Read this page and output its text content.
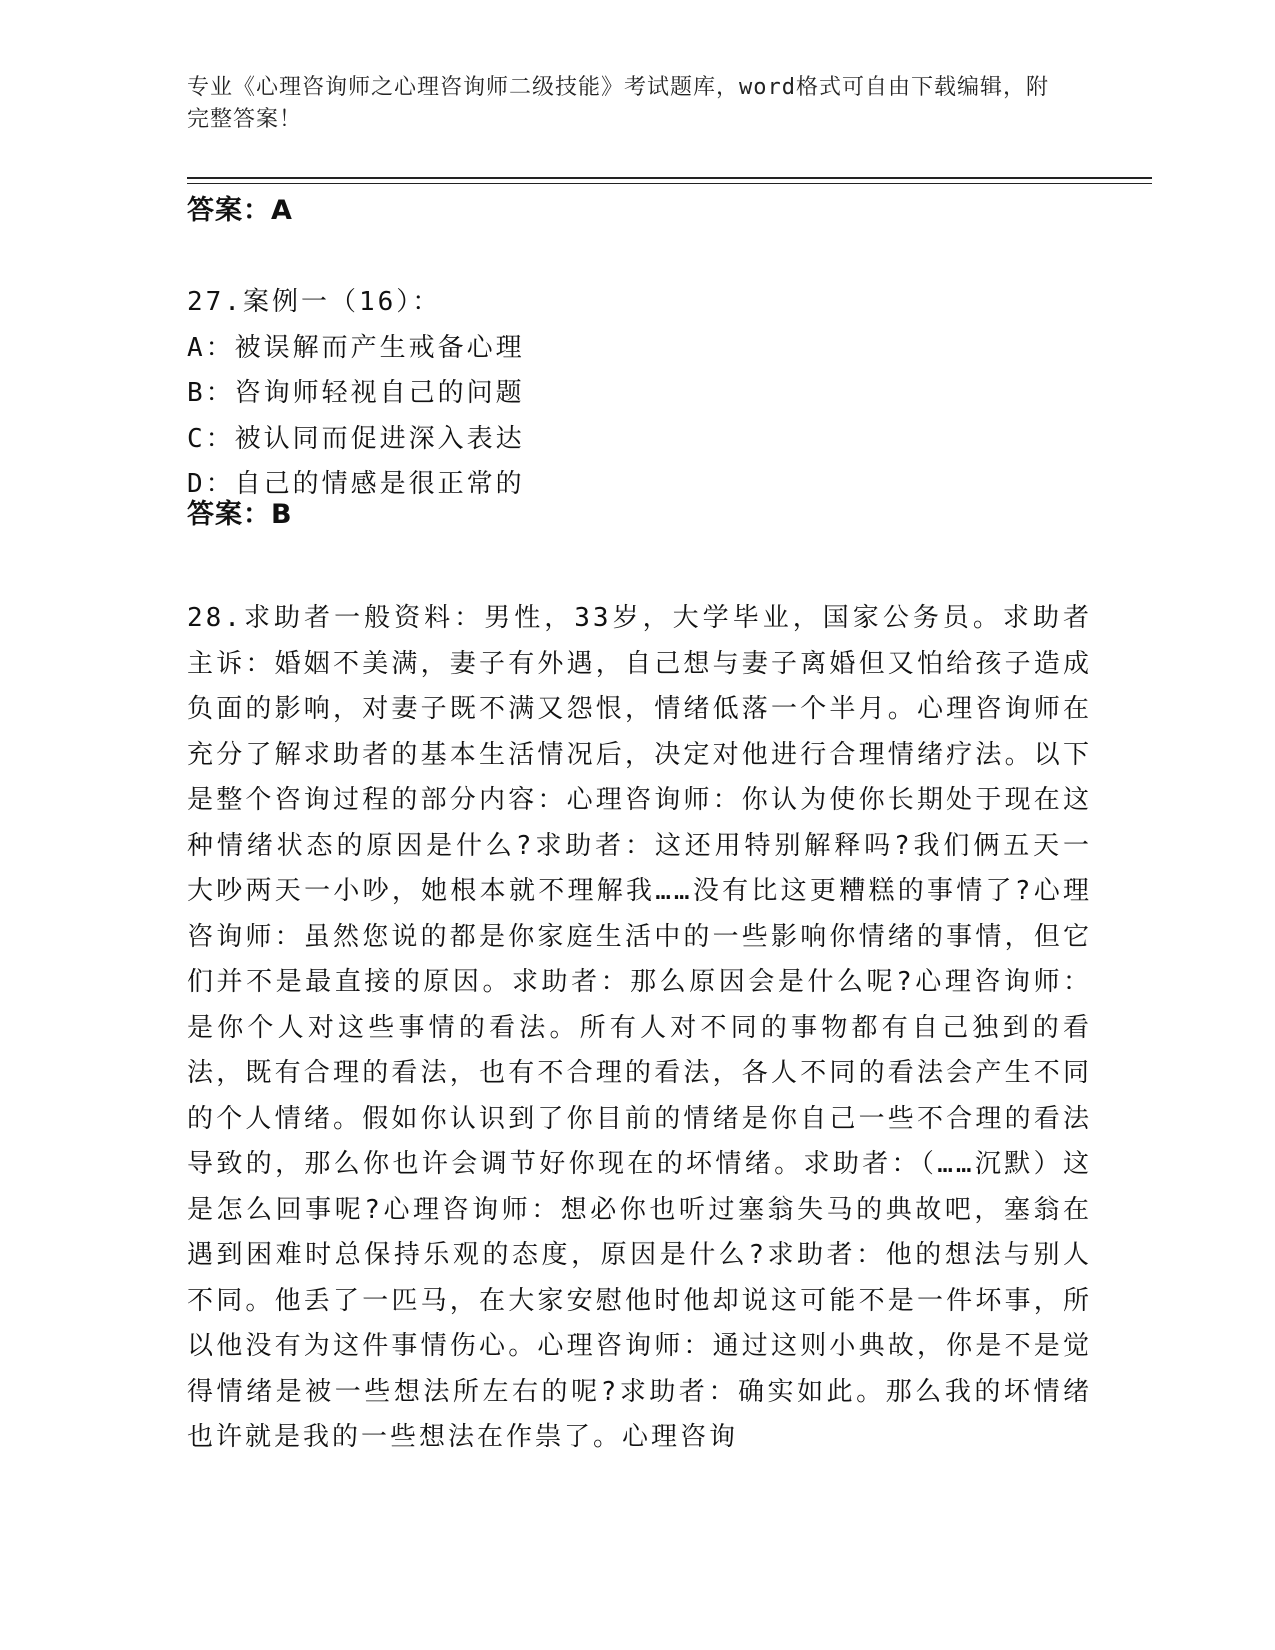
专业《心理咨询师之心理咨询师二级技能》考试题库，word格式可自由下载编辑，附完整答案！
答案：A
27.案例一（16）：
A：被误解而产生戒备心理
B：咨询师轻视自己的问题
C：被认同而促进深入表达
D：自己的情感是很正常的
答案：B
28.求助者一般资料：男性，33岁，大学毕业，国家公务员。求助者主诉：婚姻不美满，妻子有外遇，自己想与妻子离婚但又怕给孩子造成负面的影响，对妻子既不满又怨恨，情绪低落一个半月。心理咨询师在充分了解求助者的基本生活情况后，决定对他进行合理情绪疗法。以下是整个咨询过程的部分内容：心理咨询师：你认为使你长期处于现在这种情绪状态的原因是什么?求助者：这还用特别解释吗?我们俩五天一大吵两天一小吵，她根本就不理解我……没有比这更糟糕的事情了?心理咨询师：虽然您说的都是你家庭生活中的一些影响你情绪的事情，但它们并不是最直接的原因。求助者：那么原因会是什么呢?心理咨询师：是你个人对这些事情的看法。所有人对不同的事物都有自己独到的看法，既有合理的看法，也有不合理的看法，各人不同的看法会产生不同的个人情绪。假如你认识到了你目前的情绪是你自己一些不合理的看法导致的，那么你也许会调节好你现在的坏情绪。求助者：（……沉默）这是怎么回事呢?心理咨询师：想必你也听过塞翁失马的典故吧，塞翁在遇到困难时总保持乐观的态度，原因是什么?求助者：他的想法与别人不同。他丢了一匹马，在大家安慰他时他却说这可能不是一件坏事，所以他没有为这件事情伤心。心理咨询师：通过这则小典故，你是不是觉得情绪是被一些想法所左右的呢?求助者：确实如此。那么我的坏情绪也许就是我的一些想法在作祟了。心理咨询
